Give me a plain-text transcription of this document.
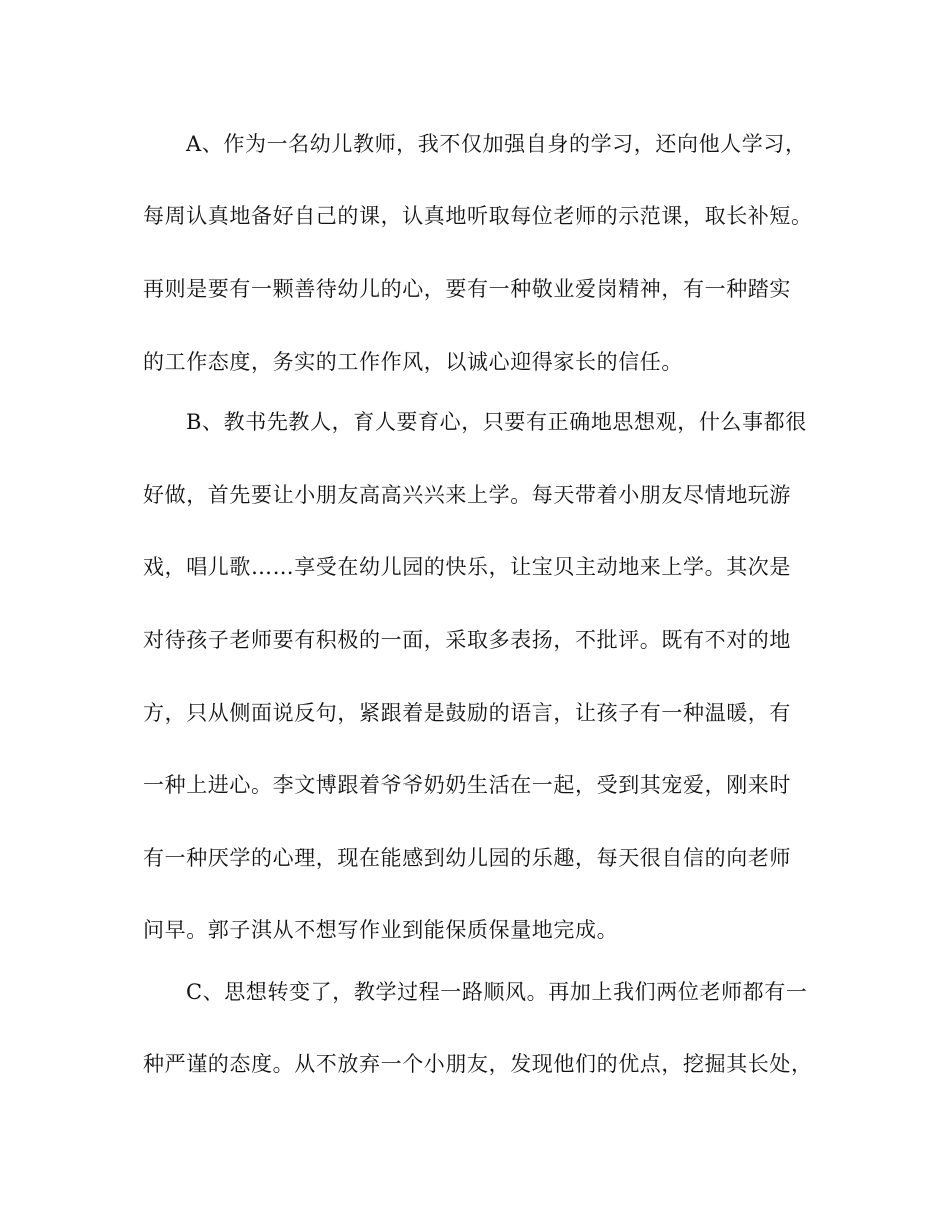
A、作为一名幼儿教师，我不仅加强自身的学习，还向他人学习，

每周认真地备好自己的课，认真地听取每位老师的示范课，取长补短。

再则是要有一颗善待幼儿的心，要有一种敬业爱岗精神，有一种踏实

的工作态度，务实的工作作风，以诚心迎得家长的信任。

B、教书先教人，育人要育心，只要有正确地思想观，什么事都很

好做，首先要让小朋友高高兴兴来上学。每天带着小朋友尽情地玩游

戏，唱儿歌……享受在幼儿园的快乐，让宝贝主动地来上学。其次是

对待孩子老师要有积极的一面，采取多表扬，不批评。既有不对的地

方，只从侧面说反句，紧跟着是鼓励的语言，让孩子有一种温暖，有

一种上进心。李文博跟着爷爷奶奶生活在一起，受到其宠爱，刚来时

有一种厌学的心理，现在能感到幼儿园的乐趣，每天很自信的向老师

问早。郭子淇从不想写作业到能保质保量地完成。

C、思想转变了，教学过程一路顺风。再加上我们两位老师都有一

种严谨的态度。从不放弃一个小朋友，发现他们的优点，挖掘其长处，
